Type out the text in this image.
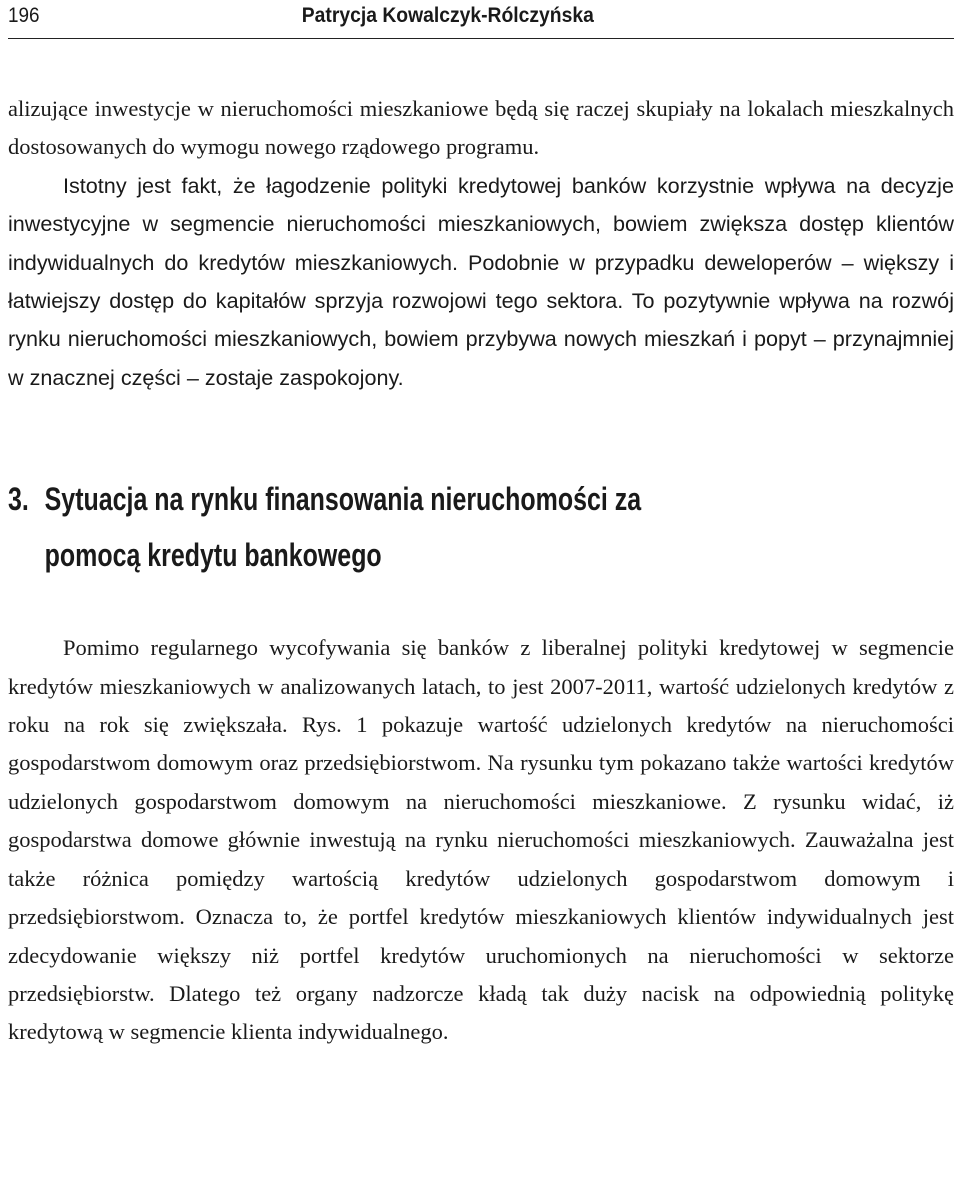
196	Patrycja Kowalczyk-Rólczyńska

alizujące inwestycje w nieruchomości mieszkaniowe będą się raczej skupiały na lokalach mieszkalnych dostosowanych do wymogu nowego rządowego programu.

Istotny jest fakt, że łagodzenie polityki kredytowej banków korzystnie wpływa na decyzje inwestycyjne w segmencie nieruchomości mieszkaniowych, bowiem zwiększa dostęp klientów indywidualnych do kredytów mieszkaniowych. Podobnie w przypadku deweloperów – większy i łatwiejszy dostęp do kapitałów sprzyja rozwojowi tego sektora. To pozytywnie wpływa na rozwój rynku nieruchomości mieszkaniowych, bowiem przybywa nowych mieszkań i popyt – przynajmniej w znacznej części – zostaje zaspokojony.

3. Sytuacja na rynku finansowania nieruchomości za pomocą kredytu bankowego

Pomimo regularnego wycofywania się banków z liberalnej polityki kredytowej w segmencie kredytów mieszkaniowych w analizowanych latach, to jest 2007-2011, wartość udzielonych kredytów z roku na rok się zwiększała. Rys. 1 pokazuje wartość udzielonych kredytów na nieruchomości gospodarstwom domowym oraz przedsiębiorstwom. Na rysunku tym pokazano także wartości kredytów udzielonych gospodarstwom domowym na nieruchomości mieszkaniowe. Z rysunku widać, iż gospodarstwa domowe głównie inwestują na rynku nieruchomości mieszkaniowych. Zauważalna jest także różnica pomiędzy wartością kredytów udzielonych gospodarstwom domowym i przedsiębiorstwom. Oznacza to, że portfel kredytów mieszkaniowych klientów indywidualnych jest zdecydowanie większy niż portfel kredytów uruchomionych na nieruchomości w sektorze przedsiębiorstw. Dlatego też organy nadzorcze kładą tak duży nacisk na odpowiednią politykę kredytową w segmencie klienta indywidualnego.
